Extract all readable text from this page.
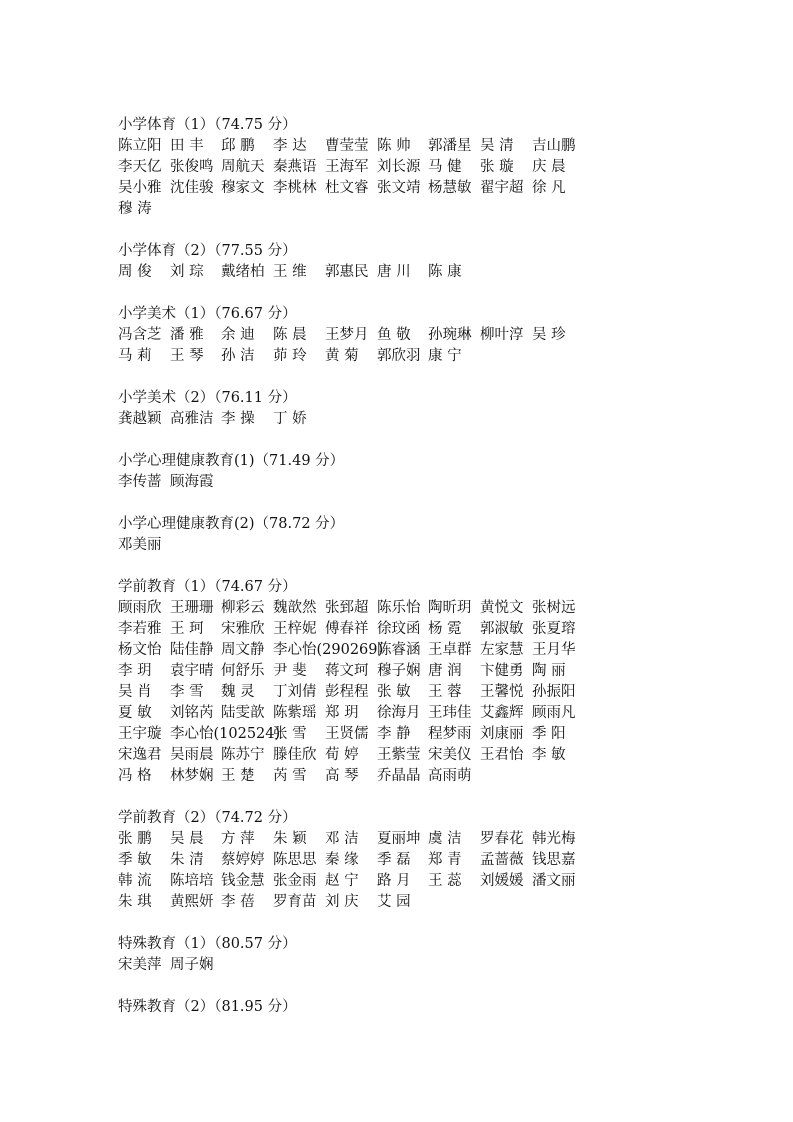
小学体育（1）（74.75 分）
陈立阳 田 丰 邱 鹏 李 达 曹莹莹 陈 帅 郭潘星 吴 清 吉山鹏
李天亿 张俊鸣 周航天 秦燕语 王海军 刘长源 马 健 张 璇 庆 晨
吴小雅 沈佳骏 穆家文 李桃林 杜文睿 张文靖 杨慧敏 翟宇超 徐 凡
穆 涛
小学体育（2）（77.55 分）
周 俊 刘 琮 戴绪柏 王 维 郭惠民 唐 川 陈 康
小学美术（1）（76.67 分）
冯含芝 潘 雅 余 迪 陈 晨 王梦月 鱼 敬 孙琬琳 柳叶淳 吴 珍
马 莉 王 琴 孙 洁 茆 玲 黄 菊 郭欣羽 康 宁
小学美术（2）（76.11 分）
龚越颖 高雅洁 李 操 丁 娇
小学心理健康教育(1)（71.49 分）
李传蔷 顾海霞
小学心理健康教育(2)（78.72 分）
邓美丽
学前教育（1）（74.67 分）
顾雨欣 王珊珊 柳彩云 魏歆然 张郅超 陈乐怡 陶昕玥 黄悦文 张树远
李若雅 王 珂 宋雅欣 王梓妮 傅春祥 徐玟函 杨 霓 郭淑敏 张夏瑢
杨文怡 陆佳静 周文静 李心怡(290269)
陈睿涵 王卓群 左家慧 王月华
李 玥 袁宇晴 何舒乐 尹 斐 蒋文珂 穆子娴 唐 润 卞健勇 陶 丽
吴 肖 李 雪 魏 灵 丁刘倩 彭程程 张 敏 王 蓉 王馨悦 孙振阳
夏 敏 刘铭芮 陆雯歆 陈紫瑶 郑 玥 徐海月 王玮佳 艾鑫辉 顾雨凡
王宇璇 李心怡(102524)
张 雪 王贤儒 李 静 程梦雨 刘康丽 季 阳
宋逸君 吴雨晨 陈苏宁 滕佳欣 荀 婷 王紫莹 宋美仪 王君怡 李 敏
冯 格 林梦娴 王 楚 芮 雪 高 琴 乔晶晶 高雨萌
学前教育（2）（74.72 分）
张 鹏 吴 晨 方 萍 朱 颖 邓 洁 夏丽坤 虞 洁 罗春花 韩光梅
季 敏 朱 清 蔡婷婷 陈思思 秦 缘 季 磊 郑 青 孟蔷薇 钱思嘉
韩 流 陈培培 钱金慧 张金雨 赵 宁 路 月 王 蕊 刘媛媛 潘文丽
朱 琪 黄熙妍 李 蓓 罗育苗 刘 庆 艾 园
特殊教育（1）（80.57 分）
宋美萍 周子娴
特殊教育（2）（81.95 分）
